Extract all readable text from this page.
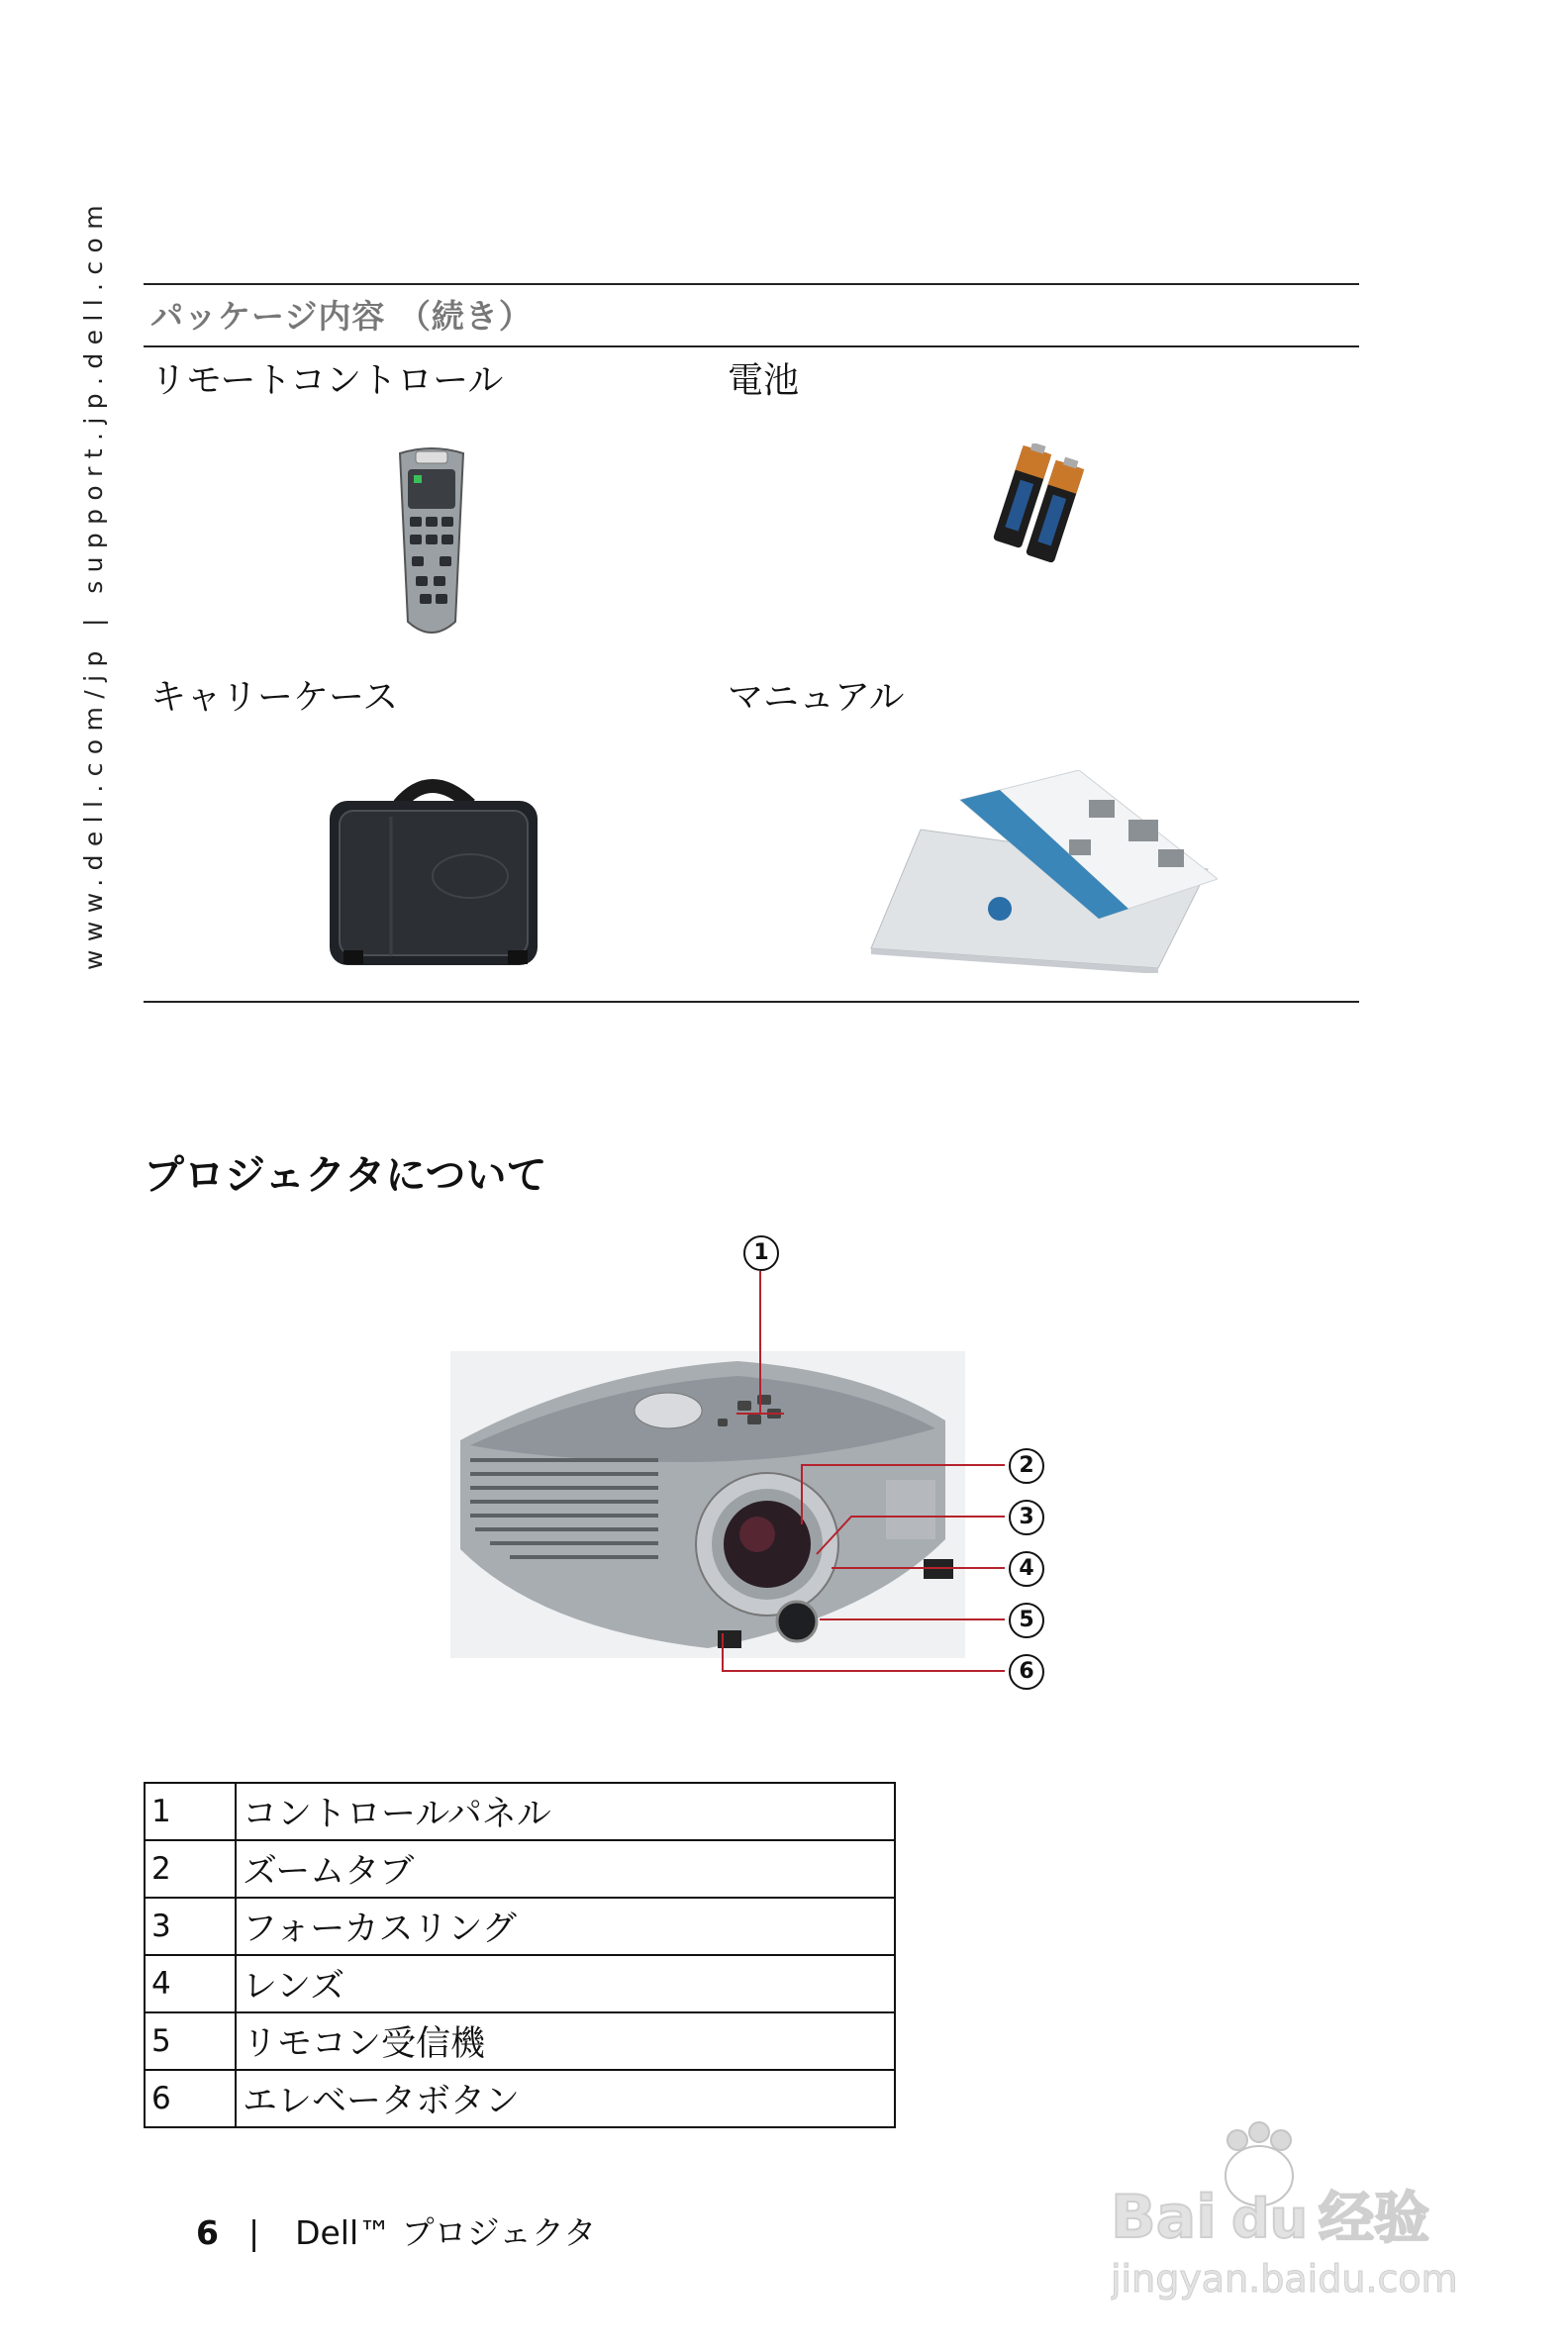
www.dell.com/jp | support.jp.dell.com パッケージ内容 （続き）
リモートコントロール	電池
キャリーケース	マニュアル
プロジェクタについて
1
2
3
4
5
6
1	コントロールパネル
2	ズームタブ
3	フォーカスリング
4	レンズ
5	リモコン受信機
6	エレベータボタン
6 | Dell™ プロジェクタ	Bai du 经验
jingyan.baidu.com
